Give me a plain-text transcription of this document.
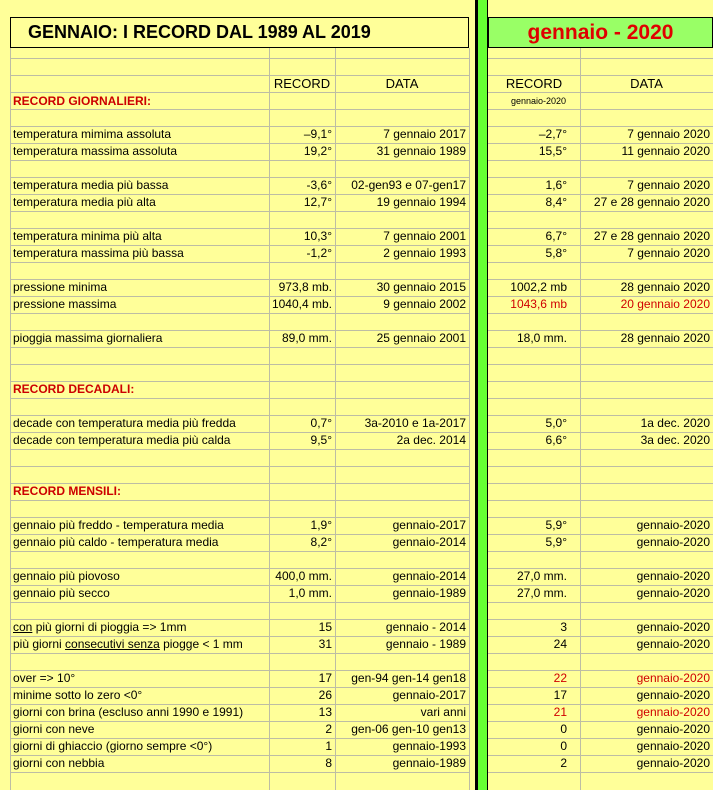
GENNAIO: I RECORD DAL 1989 AL 2019	gennaio - 2020
RECORD	DATA	RECORD	DATA
RECORD GIORNALIERI:	gennaio-2020
RECORD DECADALI:
RECORD MENSILI:
temperatura mimima assoluta	–9,1°	7 gennaio 2017	–2,7°	7 gennaio 2020
temperatura massima assoluta	19,2°	31 gennaio 1989	15,5°	11 gennaio 2020
temperatura media più bassa	-3,6°	02-gen93 e 07-gen17	1,6°	7 gennaio 2020
temperatura media più alta	12,7°	19 gennaio 1994	8,4°	27 e 28 gennaio 2020
temperatura minima più alta	10,3°	7 gennaio 2001	6,7°	27 e 28 gennaio 2020
temperatura massima più bassa	-1,2°	2 gennaio 1993	5,8°	7 gennaio 2020
pressione minima	973,8 mb.	30 gennaio 2015	1002,2 mb	28 gennaio 2020
pressione massima	1040,4 mb.	9 gennaio 2002	1043,6 mb	20 gennaio 2020
pioggia massima giornaliera	89,0 mm.	25 gennaio 2001	18,0 mm.	28 gennaio 2020
decade con temperatura media più fredda	0,7°	3a-2010 e 1a-2017	5,0°	1a dec. 2020
decade con temperatura media più calda	9,5°	2a dec. 2014	6,6°	3a dec. 2020
gennaio più freddo - temperatura media	1,9°	gennaio-2017	5,9°	gennaio-2020
gennaio più caldo - temperatura media	8,2°	gennaio-2014	5,9°	gennaio-2020
gennaio più piovoso	400,0 mm.	gennaio-2014	27,0 mm.	gennaio-2020
gennaio più secco	1,0 mm.	gennaio-1989	27,0 mm.	gennaio-2020
con più giorni di pioggia => 1mm	15	gennaio - 2014	3	gennaio-2020
più giorni consecutivi senza piogge < 1 mm	31	gennaio - 1989	24	gennaio-2020
over => 10°	17	gen-94 gen-14 gen18	22	gennaio-2020
minime sotto lo zero <0°	26	gennaio-2017	17	gennaio-2020
giorni con brina (escluso anni 1990 e 1991)	13	vari anni	21	gennaio-2020
giorni con neve	2	gen-06 gen-10 gen13	0	gennaio-2020
giorni di ghiaccio (giorno sempre <0°)	1	gennaio-1993	0	gennaio-2020
giorni con nebbia	8	gennaio-1989	2	gennaio-2020
